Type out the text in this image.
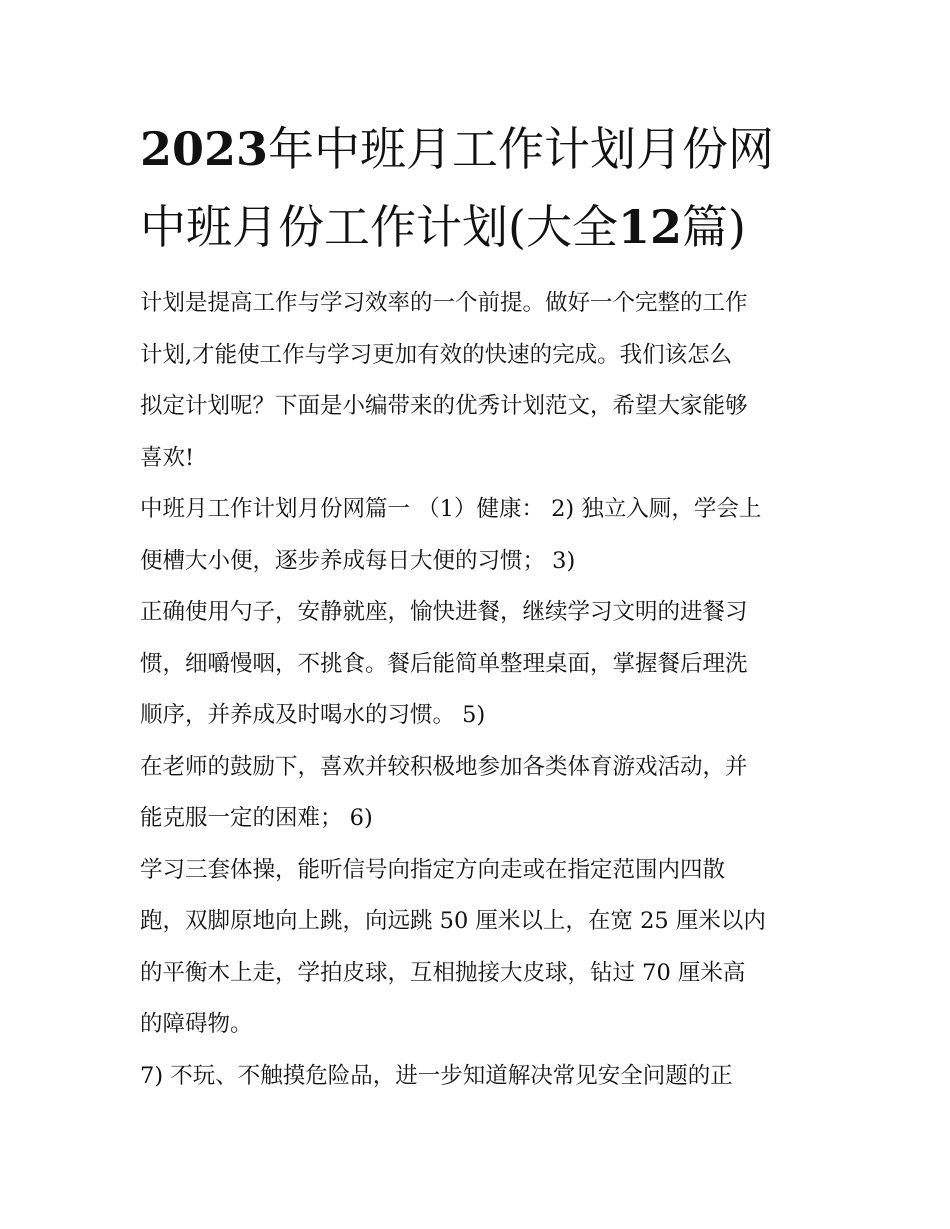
2023年中班月工作计划月份网
中班月份工作计划(大全12篇)
计划是提高工作与学习效率的一个前提。做好一个完整的工作
计划,才能使工作与学习更加有效的快速的完成。我们该怎么
拟定计划呢？下面是小编带来的优秀计划范文，希望大家能够
喜欢!
中班月工作计划月份网篇一 （1）健康： 2) 独立入厕，学会上
便槽大小便，逐步养成每日大便的习惯； 3)
正确使用勺子，安静就座，愉快进餐，继续学习文明的进餐习
惯，细嚼慢咽，不挑食。餐后能简单整理桌面，掌握餐后理洗
顺序，并养成及时喝水的习惯。 5)
在老师的鼓励下，喜欢并较积极地参加各类体育游戏活动，并
能克服一定的困难； 6)
学习三套体操，能听信号向指定方向走或在指定范围内四散
跑，双脚原地向上跳，向远跳 50 厘米以上，在宽 25 厘米以内
的平衡木上走，学拍皮球，互相抛接大皮球，钻过 70 厘米高
的障碍物。
7) 不玩、不触摸危险品，进一步知道解决常见安全问题的正
